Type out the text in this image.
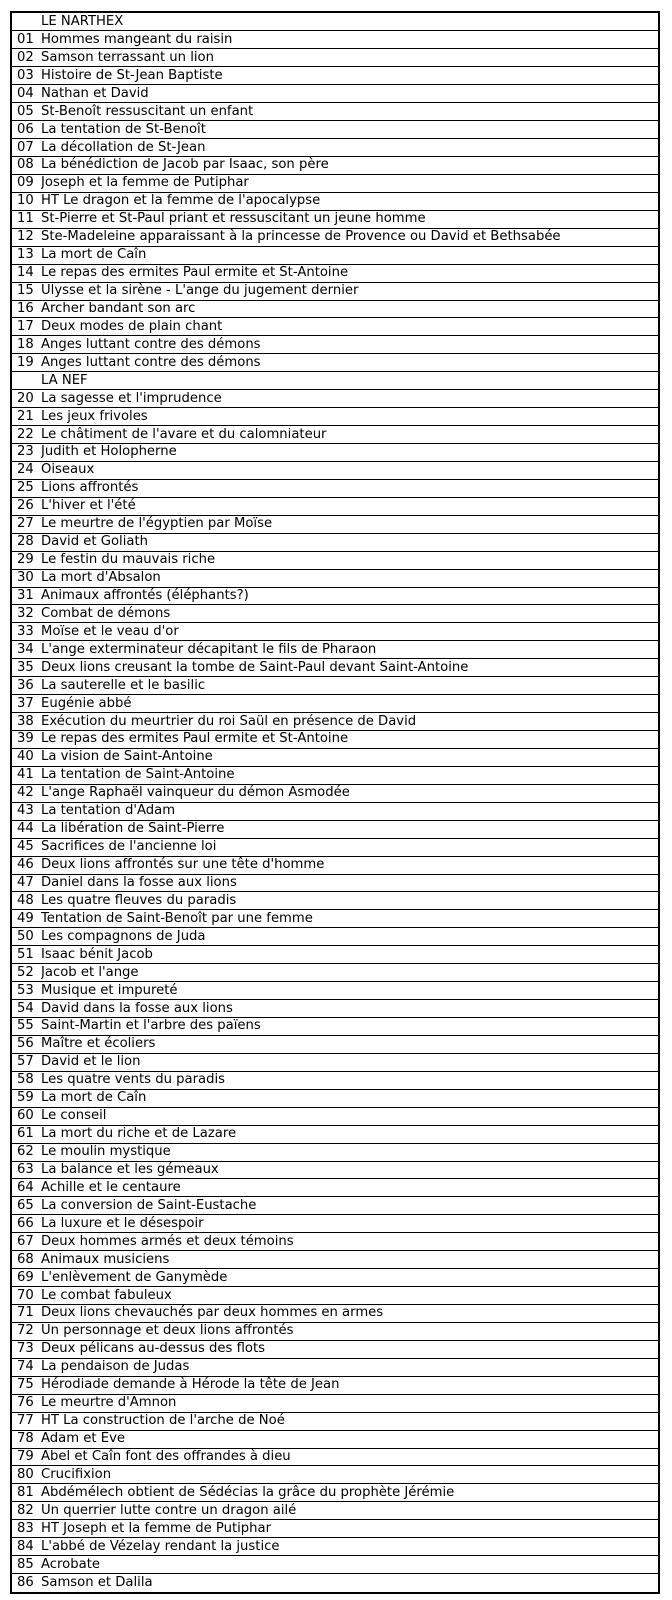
	LE NARTHEX
01	Hommes mangeant du raisin
02	Samson terrassant un lion
03	Histoire de St-Jean Baptiste
04	Nathan et David
05	St-Benoît ressuscitant un enfant
06	La tentation de St-Benoît
07	La décollation de St-Jean
08	La bénédiction de Jacob par Isaac, son père
09	Joseph et la femme de Putiphar
10	HT Le dragon et la femme de l'apocalypse
11	St-Pierre et St-Paul priant et ressuscitant un jeune homme
12	Ste-Madeleine apparaissant à la princesse de Provence ou David et Bethsabée
13	La mort de Caîn
14	Le repas des ermites Paul ermite et St-Antoine
15	Ulysse et la sirène - L'ange du jugement dernier
16	Archer bandant son arc
17	Deux modes de plain chant
18	Anges luttant contre des démons
19	Anges luttant contre des démons
	LA NEF
20	La sagesse et l'imprudence
21	Les jeux frivoles
22	Le châtiment de l'avare et du calomniateur
23	Judith et Holopherne
24	Oiseaux
25	Lions affrontés
26	L'hiver et l'été
27	Le meurtre de l'égyptien par Moïse
28	David et Goliath
29	Le festin du mauvais riche
30	La mort d'Absalon
31	Animaux affrontés (éléphants?)
32	Combat de démons
33	Moïse et le veau d'or
34	L'ange exterminateur décapitant le fils de Pharaon
35	Deux lions creusant la tombe de Saint-Paul devant Saint-Antoine
36	La sauterelle et le basilic
37	Eugénie abbé
38	Exécution du meurtrier du roi Saül en présence de David
39	Le repas des ermites Paul ermite et St-Antoine
40	La vision de Saint-Antoine
41	La tentation de Saint-Antoine
42	L'ange Raphaël vainqueur du démon Asmodée
43	La tentation d'Adam
44	La libération de Saint-Pierre
45	Sacrifices de l'ancienne loi
46	Deux lions affrontés sur une tête d'homme
47	Daniel dans la fosse aux lions
48	Les quatre fleuves du paradis
49	Tentation de Saint-Benoît par une femme
50	Les compagnons de Juda
51	Isaac bénit Jacob
52	Jacob et l'ange
53	Musique et impureté
54	David dans la fosse aux lions
55	Saint-Martin et l'arbre des païens
56	Maître et écoliers
57	David et le lion
58	Les quatre vents du paradis
59	La mort de Caîn
60	Le conseil
61	La mort du riche et de Lazare
62	Le moulin mystique
63	La balance et les gémeaux
64	Achille et le centaure
65	La conversion de Saint-Eustache
66	La luxure et le désespoir
67	Deux hommes armés et deux témoins
68	Animaux musiciens
69	L'enlèvement de Ganymède
70	Le combat fabuleux
71	Deux lions chevauchés par deux hommes en armes
72	Un personnage et deux lions affrontés
73	Deux pélicans au-dessus des flots
74	La pendaison de Judas
75	Hérodiade demande à Hérode la tête de Jean
76	Le meurtre d'Amnon
77	HT La construction de l'arche de Noé
78	Adam et Ève
79	Abel et Caîn font des offrandes à dieu
80	Crucifixion
81	Abdémélech obtient de Sédécias la grâce du prophète Jérémie
82	Un querrier lutte contre un dragon ailé
83	HT Joseph et la femme de Putiphar
84	L'abbé de Vézelay rendant la justice
85	Acrobate
86	Samson et Dalila
